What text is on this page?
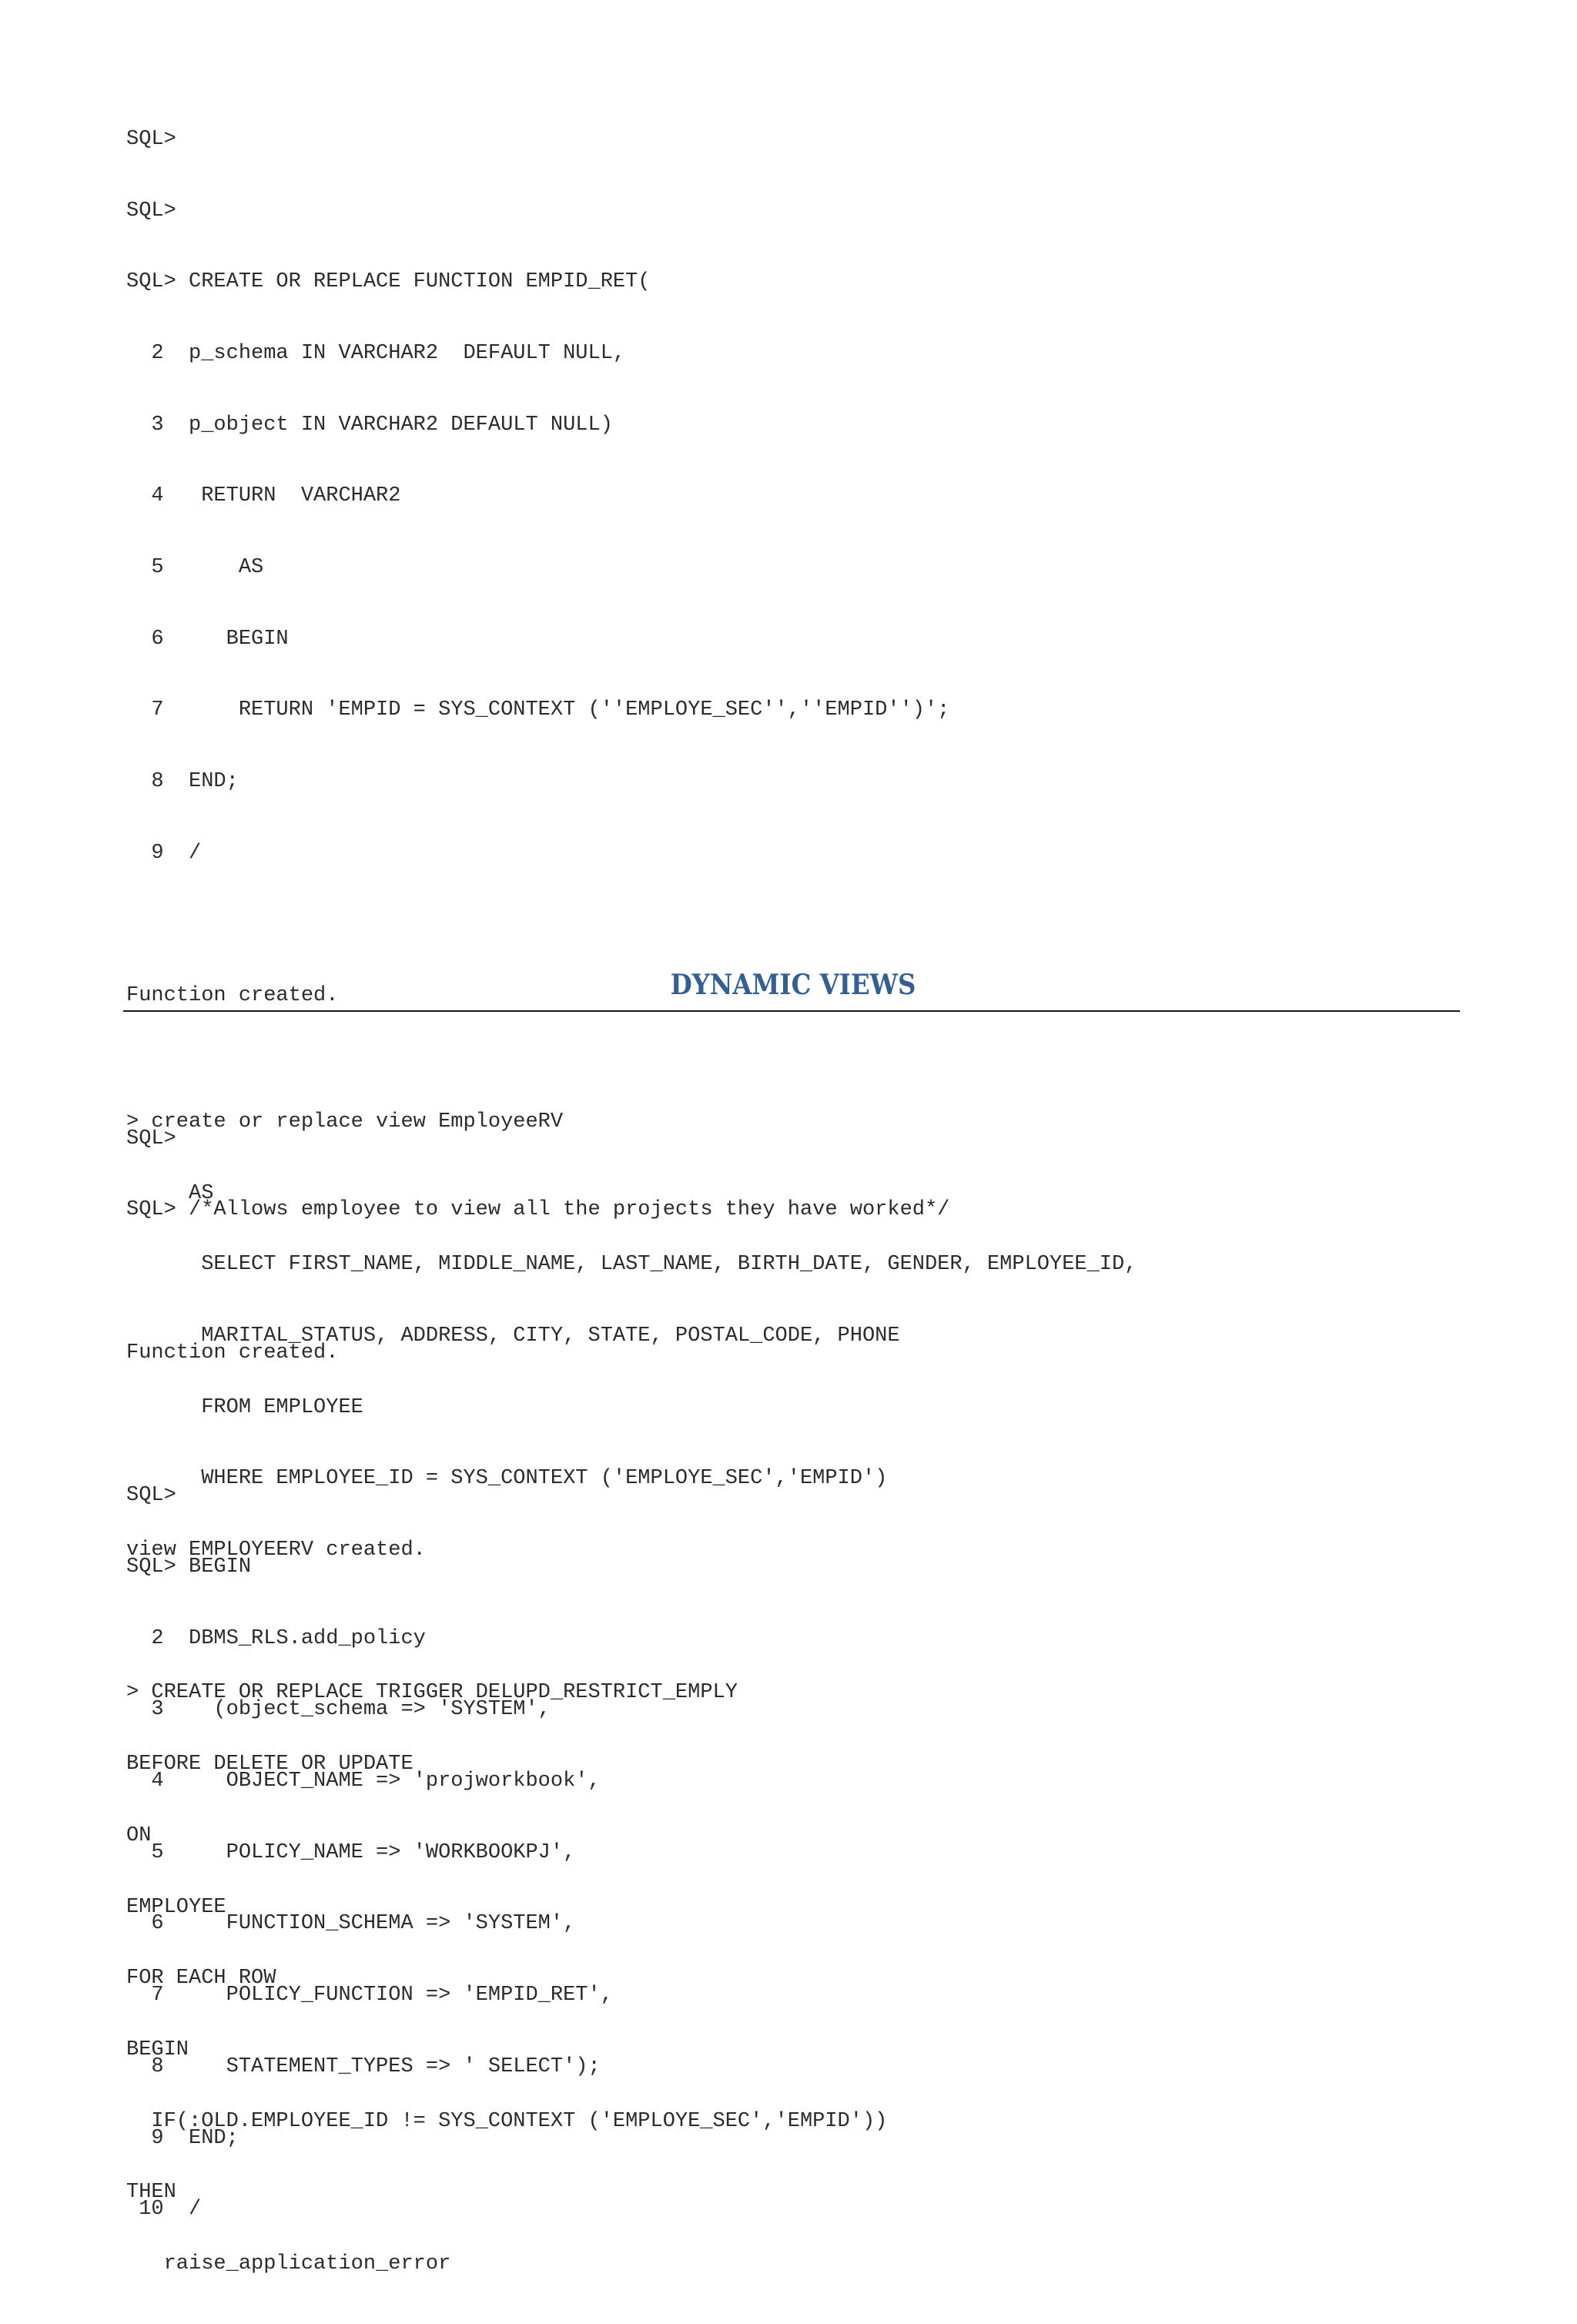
SQL>

SQL>

SQL> CREATE OR REPLACE FUNCTION EMPID_RET(

2  p_schema IN VARCHAR2  DEFAULT NULL,

3  p_object IN VARCHAR2 DEFAULT NULL)

4   RETURN  VARCHAR2

5      AS

6     BEGIN

7      RETURN 'EMPID = SYS_CONTEXT (''EMPLOYE_SEC'',''EMPID'')';

8  END;

9  /

Function created.

SQL>

SQL> /*Allows employee to view all the projects they have worked*/

Function created.

SQL>

SQL> BEGIN

2  DBMS_RLS.add_policy

3    (object_schema => 'SYSTEM',

4     OBJECT_NAME => 'projworkbook',

5     POLICY_NAME => 'WORKBOOKPJ',

6     FUNCTION_SCHEMA => 'SYSTEM',

7     POLICY_FUNCTION => 'EMPID_RET',

8     STATEMENT_TYPES => ' SELECT');

9  END;

10  /

DYNAMIC VIEWS

> create or replace view EmployeeRV

AS

SELECT FIRST_NAME, MIDDLE_NAME, LAST_NAME, BIRTH_DATE, GENDER, EMPLOYEE_ID,

MARITAL_STATUS, ADDRESS, CITY, STATE, POSTAL_CODE, PHONE

FROM EMPLOYEE

WHERE EMPLOYEE_ID = SYS_CONTEXT ('EMPLOYE_SEC','EMPID')

view EMPLOYEERV created.

> CREATE OR REPLACE TRIGGER DELUPD_RESTRICT_EMPLY

BEFORE DELETE OR UPDATE

ON

EMPLOYEE

FOR EACH ROW

BEGIN

IF(:OLD.EMPLOYEE_ID != SYS_CONTEXT ('EMPLOYE_SEC','EMPID'))

THEN

raise_application_error
